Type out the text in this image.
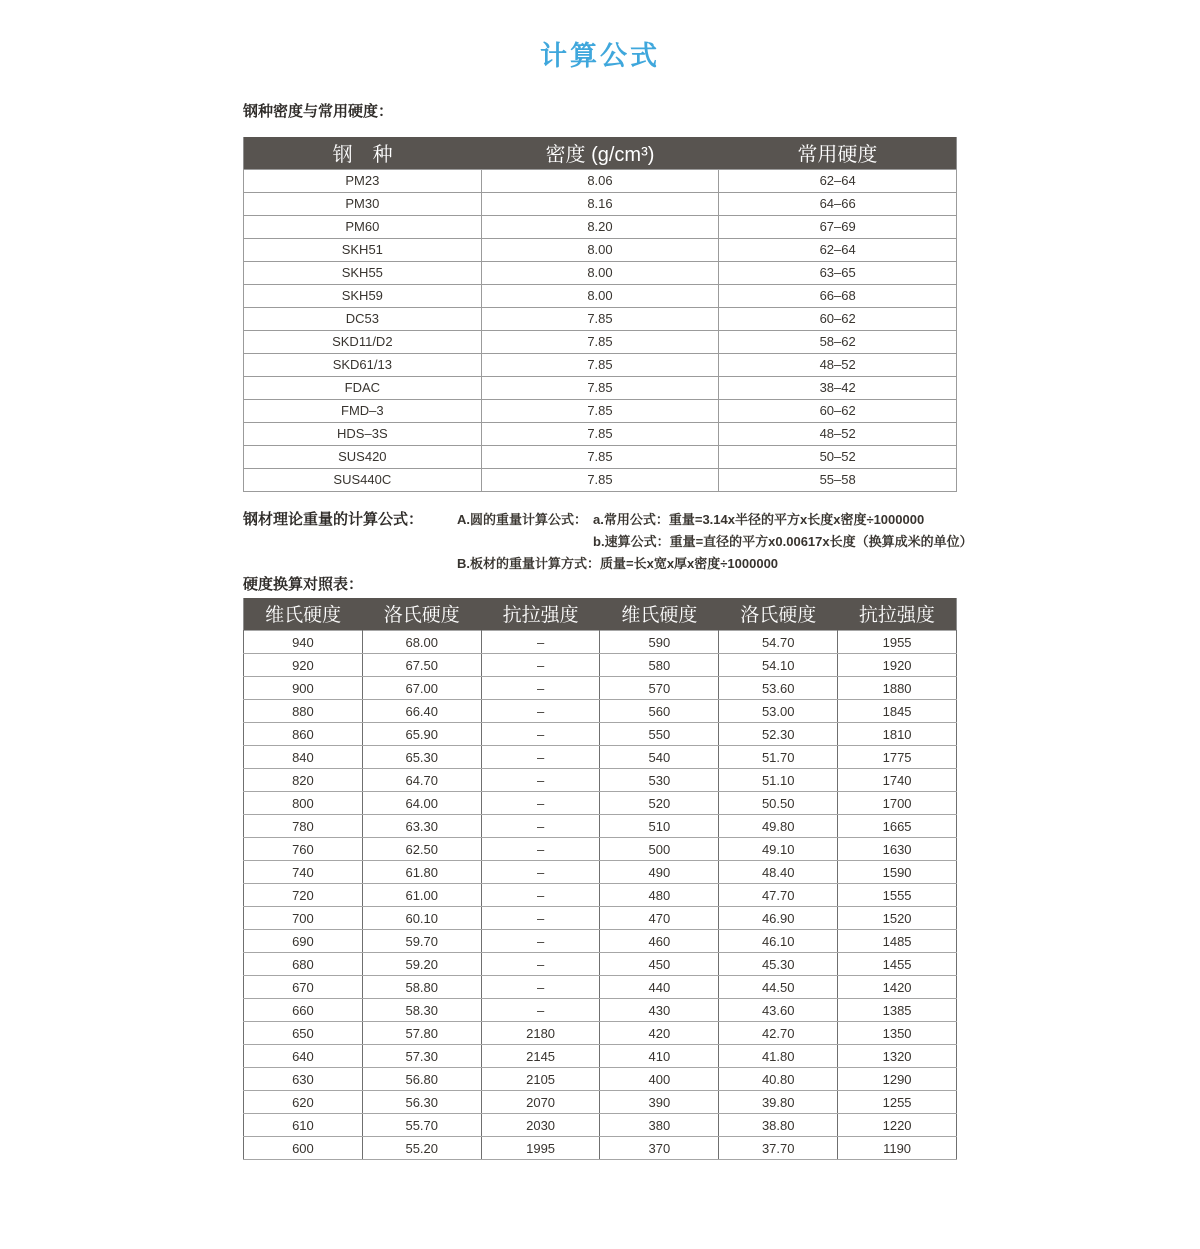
计算公式
钢种密度与常用硬度：
钢　种	密度 (g/cm³)	常用硬度
PM23	8.06	62–64
PM30	8.16	64–66
PM60	8.20	67–69
SKH51	8.00	62–64
SKH55	8.00	63–65
SKH59	8.00	66–68
DC53	7.85	60–62
SKD11/D2	7.85	58–62
SKD61/13	7.85	48–52
FDAC	7.85	38–42
FMD–3	7.85	60–62
HDS–3S	7.85	48–52
SUS420	7.85	50–52
SUS440C	7.85	55–58
钢材理论重量的计算公式：	A.圆的重量计算公式： a.常用公式：重量=3.14x半径的平方x长度x密度÷1000000
b.速算公式：重量=直径的平方x0.00617x长度（换算成米的单位）
B.板材的重量计算方式：质量=长x宽x厚x密度÷1000000
硬度换算对照表：
维氏硬度	洛氏硬度	抗拉强度	维氏硬度	洛氏硬度	抗拉强度
940	68.00	–	590	54.70	1955
920	67.50	–	580	54.10	1920
900	67.00	–	570	53.60	1880
880	66.40	–	560	53.00	1845
860	65.90	–	550	52.30	1810
840	65.30	–	540	51.70	1775
820	64.70	–	530	51.10	1740
800	64.00	–	520	50.50	1700
780	63.30	–	510	49.80	1665
760	62.50	–	500	49.10	1630
740	61.80	–	490	48.40	1590
720	61.00	–	480	47.70	1555
700	60.10	–	470	46.90	1520
690	59.70	–	460	46.10	1485
680	59.20	–	450	45.30	1455
670	58.80	–	440	44.50	1420
660	58.30	–	430	43.60	1385
650	57.80	2180	420	42.70	1350
640	57.30	2145	410	41.80	1320
630	56.80	2105	400	40.80	1290
620	56.30	2070	390	39.80	1255
610	55.70	2030	380	38.80	1220
600	55.20	1995	370	37.70	1190
